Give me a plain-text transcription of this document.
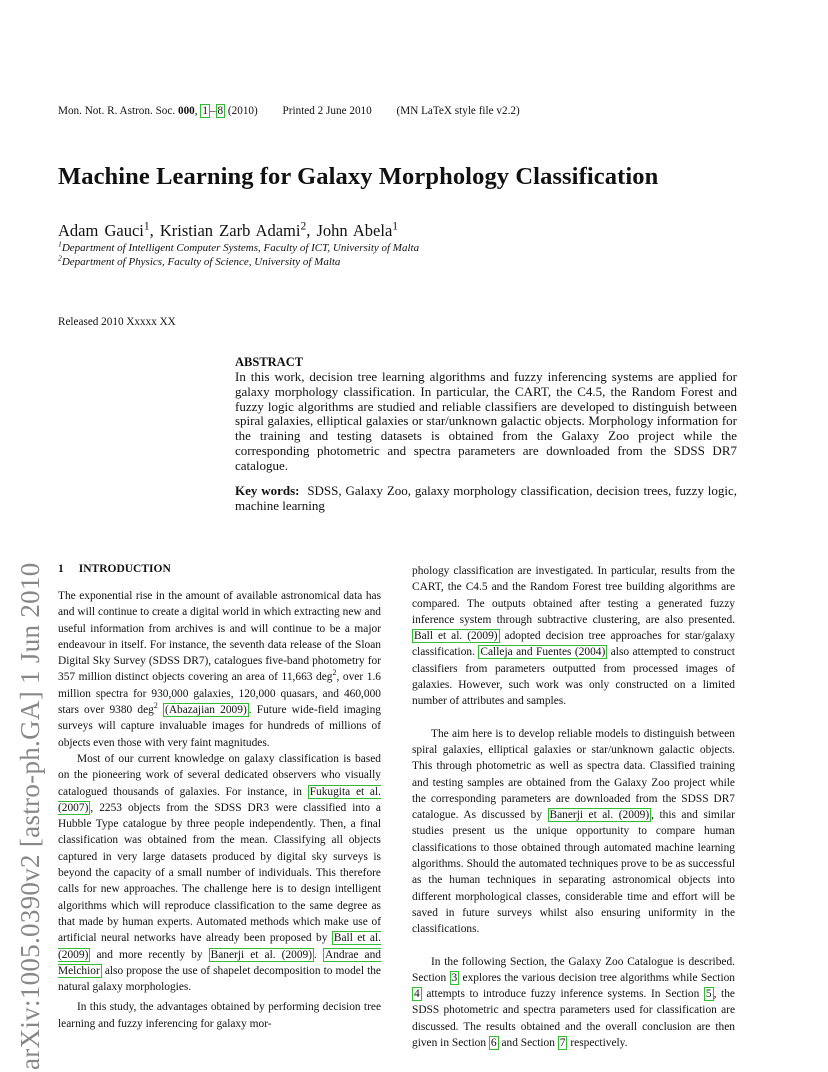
arXiv:1005.0390v2 [astro-ph.GA] 1 Jun 2010
Mon. Not. R. Astron. Soc. 000, 1 – 8 (2010) Printed 2 June 2010 (MN LaTeX style file v2.2)
Machine Learning for Galaxy Morphology Classification
Adam Gauci$^1$, Kristian Zarb Adami$^2$, John Abela$^1$
$^1$Department of Intelligent Computer Systems, Faculty of ICT, University of Malta
$^2$Department of Physics, Faculty of Science, University of Malta
Released 2010 Xxxxx XX
ABSTRACT
In this work, decision tree learning algorithms and fuzzy inferencing systems are applied for galaxy morphology classification. In particular, the CART, the C4.5, the Random Forest and fuzzy logic algorithms are studied and reliable classifiers are developed to distinguish between spiral galaxies, elliptical galaxies or star/unknown galactic objects. Morphology information for the training and testing datasets is obtained from the Galaxy Zoo project while the corresponding photometric and spectra parameters are downloaded from the SDSS DR7 catalogue.
Key words: SDSS, Galaxy Zoo, galaxy morphology classification, decision trees, fuzzy logic, machine learning
1 INTRODUCTION

The exponential rise in the amount of available astronomical data has and will continue to create a digital world in which extracting new and useful information from archives is and will continue to be a major endeavour in itself. For instance, the seventh data release of the Sloan Digital Sky Survey (SDSS DR7), catalogues five-band photometry for 357 million distinct objects covering an area of 11,663 deg$^2$, over 1.6 million spectra for 930,000 galaxies, 120,000 quasars, and 460,000 stars over 9380 deg$^2$ (Abazajian 2009) . Future wide-field imaging surveys will capture invaluable images for hundreds of millions of objects even those with very faint magnitudes.

Most of our current knowledge on galaxy classification is based on the pioneering work of several dedicated observers who visually catalogued thousands of galaxies. For instance, in Fukugita et al. (2007) , 2253 objects from the SDSS DR3 were classified into a Hubble Type catalogue by three people independently. Then, a final classification was obtained from the mean. Classifying all objects captured in very large datasets produced by digital sky surveys is beyond the capacity of a small number of individuals. This therefore calls for new approaches. The challenge here is to design intelligent algorithms which will reproduce classification to the same degree as that made by human experts. Automated methods which make use of artificial neural networks have already been proposed by Ball et al. (2009) and more recently by Banerji et al. (2009) . Andrae and Melchior also propose the use of shapelet decomposition to model the natural galaxy morphologies.

In this study, the advantages obtained by performing decision tree learning and fuzzy inferencing for galaxy mor-

phology classification are investigated. In particular, results from the CART, the C4.5 and the Random Forest tree building algorithms are compared. The outputs obtained after testing a generated fuzzy inference system through subtractive clustering, are also presented. Ball et al. (2009) adopted decision tree approaches for star/galaxy classification. Calleja and Fuentes (2004) also attempted to construct classifiers from parameters outputted from processed images of galaxies. However, such work was only constructed on a limited number of attributes and samples.

The aim here is to develop reliable models to distinguish between spiral galaxies, elliptical galaxies or star/unknown galactic objects. This through photometric as well as spectra data. Classified training and testing samples are obtained from the Galaxy Zoo project while the corresponding parameters are downloaded from the SDSS DR7 catalogue. As discussed by Banerji et al. (2009) , this and similar studies present us the unique opportunity to compare human classifications to those obtained through automated machine learning algorithms. Should the automated techniques prove to be as successful as the human techniques in separating astronomical objects into different morphological classes, considerable time and effort will be saved in future surveys whilst also ensuring uniformity in the classifications.

In the following Section, the Galaxy Zoo Catalogue is described. Section 3 explores the various decision tree algorithms while Section 4 attempts to introduce fuzzy inference systems. In Section 5 , the SDSS photometric and spectra parameters used for classification are discussed. The results obtained and the overall conclusion are then given in Section 6 and Section 7 respectively.
